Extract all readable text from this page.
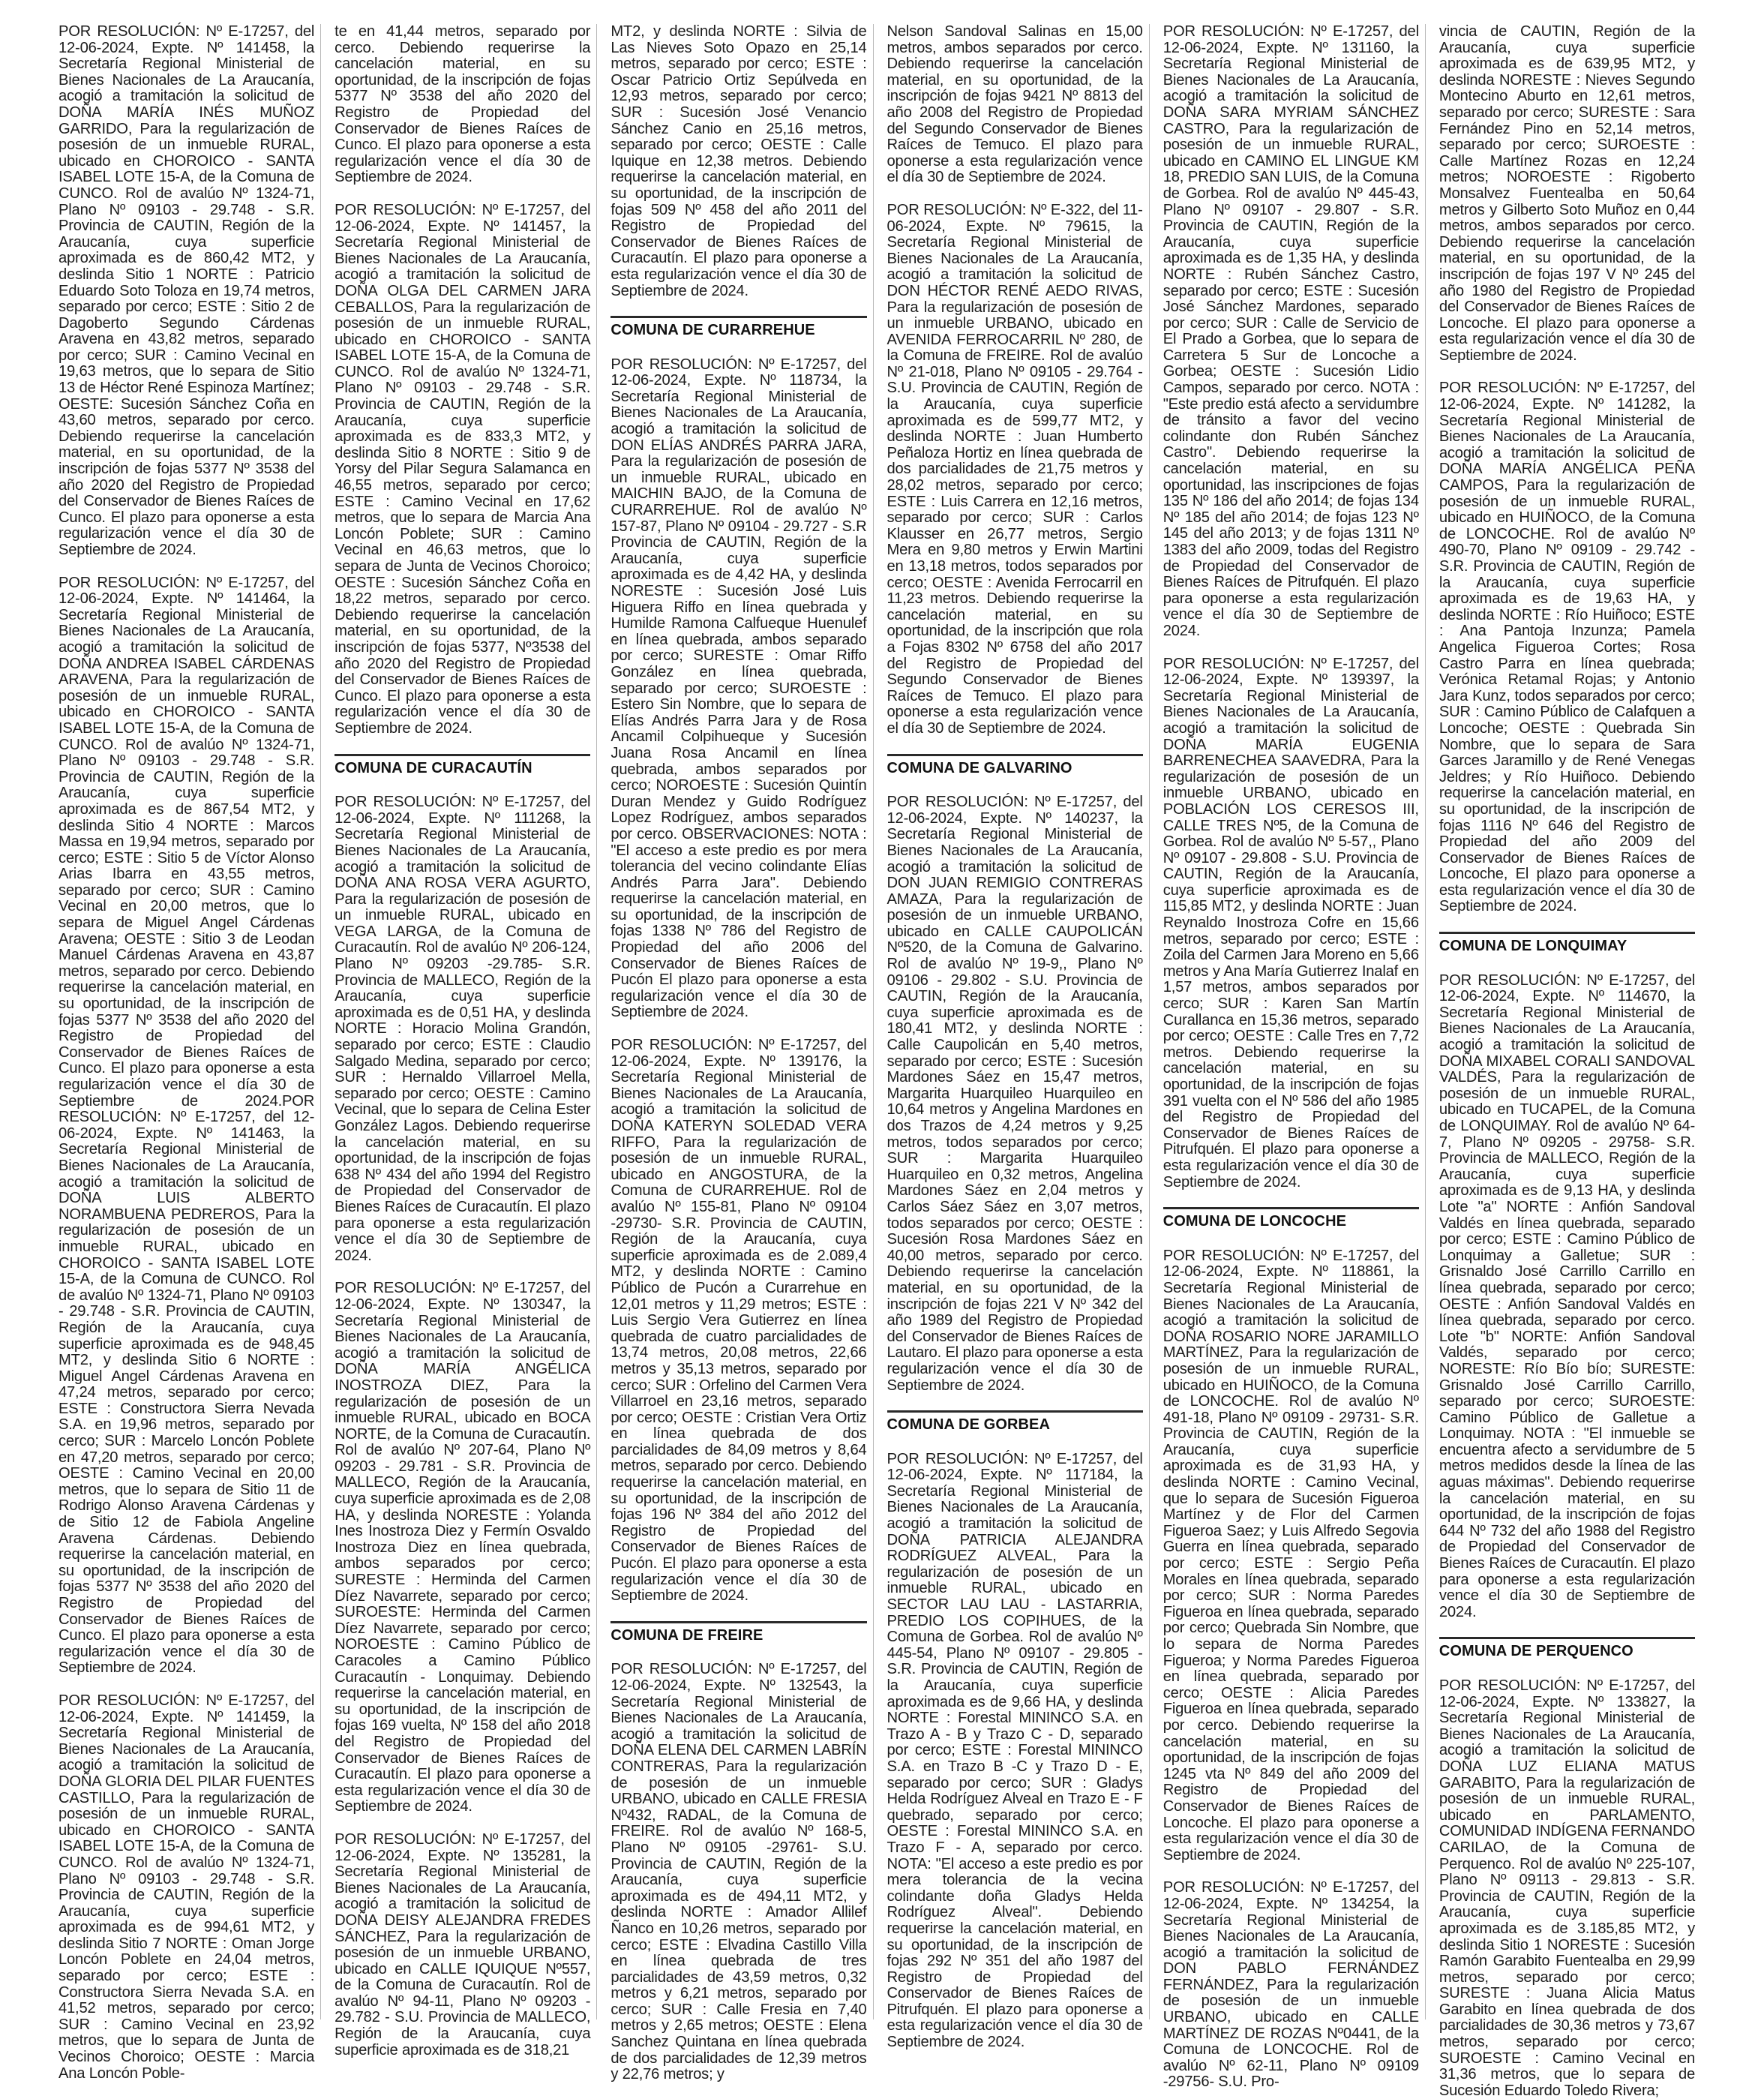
POR RESOLUCIÓN: Nº E-17257, del 12-06-2024, Expte. Nº 141458, la Secretaría Regional Ministerial de Bienes Nacionales de La Araucanía, acogió a tramitación la solicitud de DOÑA MARÍA INÉS MUÑOZ GARRIDO, Para la regularización de posesión de un inmueble RURAL, ubicado en CHOROICO - SANTA ISABEL LOTE 15-A, de la Comuna de CUNCO. Rol de avalúo Nº 1324-71, Plano Nº 09103 - 29.748 - S.R. Provincia de CAUTIN, Región de la Araucanía, cuya superficie aproximada es de 860,42 MT2, y deslinda Sitio 1 NORTE : Patricio Eduardo Soto Toloza en 19,74 metros, separado por cerco; ESTE : Sitio 2 de Dagoberto Segundo Cárdenas Aravena en 43,82 metros, separado por cerco; SUR : Camino Vecinal en 19,63 metros, que lo separa de Sitio 13 de Héctor René Espinoza Martínez; OESTE: Sucesión Sánchez Coña en 43,60 metros, separado por cerco. Debiendo requerirse la cancelación material, en su oportunidad, de la inscripción de fojas 5377 Nº 3538 del año 2020 del Registro de Propiedad del Conservador de Bienes Raíces de Cunco. El plazo para oponerse a esta regularización vence el día 30 de Septiembre de 2024.

POR RESOLUCIÓN: Nº E-17257, del 12-06-2024, Expte. Nº 141464, la Secretaría Regional Ministerial de Bienes Nacionales de La Araucanía, acogió a tramitación la solicitud de DOÑA ANDREA ISABEL CÁRDENAS ARAVENA, Para la regularización de posesión de un inmueble RURAL, ubicado en CHOROICO - SANTA ISABEL LOTE 15-A, de la Comuna de CUNCO. Rol de avalúo Nº 1324-71, Plano Nº 09103 - 29.748 - S.R. Provincia de CAUTIN, Región de la Araucanía, cuya superficie aproximada es de 867,54 MT2, y deslinda Sitio 4 NORTE : Marcos Massa en 19,94 metros, separado por cerco; ESTE : Sitio 5 de Víctor Alonso Arias Ibarra en 43,55 metros, separado por cerco; SUR : Camino Vecinal en 20,00 metros, que lo separa de Miguel Angel Cárdenas Aravena; OESTE : Sitio 3 de Leodan Manuel Cárdenas Aravena en 43,87 metros, separado por cerco. Debiendo requerirse la cancelación material, en su oportunidad, de la inscripción de fojas 5377 Nº 3538 del año 2020 del Registro de Propiedad del Conservador de Bienes Raíces de Cunco. El plazo para oponerse a esta regularización vence el día 30 de Septiembre de 2024.POR RESOLUCIÓN: Nº E-17257, del 12-06-2024, Expte. Nº 141463, la Secretaría Regional Ministerial de Bienes Nacionales de La Araucanía, acogió a tramitación la solicitud de DOÑA LUIS ALBERTO NORAMBUENA PEDREROS, Para la regularización de posesión de un inmueble RURAL, ubicado en CHOROICO - SANTA ISABEL LOTE 15-A, de la Comuna de CUNCO. Rol de avalúo Nº 1324-71, Plano Nº 09103 - 29.748 - S.R. Provincia de CAUTIN, Región de la Araucanía, cuya superficie aproximada es de 948,45 MT2, y deslinda Sitio 6 NORTE : Miguel Angel Cárdenas Aravena en 47,24 metros, separado por cerco; ESTE : Constructora Sierra Nevada S.A. en 19,96 metros, separado por cerco; SUR : Marcelo Loncón Poblete en 47,20 metros, separado por cerco; OESTE : Camino Vecinal en 20,00 metros, que lo separa de Sitio 11 de Rodrigo Alonso Aravena Cárdenas y de Sitio 12 de Fabiola Angeline Aravena Cárdenas. Debiendo requerirse la cancelación material, en su oportunidad, de la inscripción de fojas 5377 Nº 3538 del año 2020 del Registro de Propiedad del Conservador de Bienes Raíces de Cunco. El plazo para oponerse a esta regularización vence el día 30 de Septiembre de 2024.

POR RESOLUCIÓN: Nº E-17257, del 12-06-2024, Expte. Nº 141459, la Secretaría Regional Ministerial de Bienes Nacionales de La Araucanía, acogió a tramitación la solicitud de DOÑA GLORIA DEL PILAR FUENTES CASTILLO, Para la regularización de posesión de un inmueble RURAL, ubicado en CHOROICO - SANTA ISABEL LOTE 15-A, de la Comuna de CUNCO. Rol de avalúo Nº 1324-71, Plano Nº 09103 - 29.748 - S.R. Provincia de CAUTIN, Región de la Araucanía, cuya superficie aproximada es de 994,61 MT2, y deslinda Sitio 7 NORTE : Oman Jorge Loncón Poblete en 24,04 metros, separado por cerco; ESTE : Constructora Sierra Nevada S.A. en 41,52 metros, separado por cerco; SUR : Camino Vecinal en 23,92 metros, que lo separa de Junta de Vecinos Choroico; OESTE : Marcia Ana Loncón Poble-

te en 41,44 metros, separado por cerco. Debiendo requerirse la cancelación material, en su oportunidad, de la inscripción de fojas 5377 Nº 3538 del año 2020 del Registro de Propiedad del Conservador de Bienes Raíces de Cunco. El plazo para oponerse a esta regularización vence el día 30 de Septiembre de 2024.

POR RESOLUCIÓN: Nº E-17257, del 12-06-2024, Expte. Nº 141457, la Secretaría Regional Ministerial de Bienes Nacionales de La Araucanía, acogió a tramitación la solicitud de DOÑA OLGA DEL CARMEN JARA CEBALLOS, Para la regularización de posesión de un inmueble RURAL, ubicado en CHOROICO - SANTA ISABEL LOTE 15-A, de la Comuna de CUNCO. Rol de avalúo Nº 1324-71, Plano Nº 09103 - 29.748 - S.R. Provincia de CAUTIN, Región de la Araucanía, cuya superficie aproximada es de 833,3 MT2, y deslinda Sitio 8 NORTE : Sitio 9 de Yorsy del Pilar Segura Salamanca en 46,55 metros, separado por cerco; ESTE : Camino Vecinal en 17,62 metros, que lo separa de Marcia Ana Loncón Poblete; SUR : Camino Vecinal en 46,63 metros, que lo separa de Junta de Vecinos Choroico; OESTE : Sucesión Sánchez Coña en 18,22 metros, separado por cerco. Debiendo requerirse la cancelación material, en su oportunidad, de la inscripción de fojas 5377, Nº3538 del año 2020 del Registro de Propiedad del Conservador de Bienes Raíces de Cunco. El plazo para oponerse a esta regularización vence el día 30 de Septiembre de 2024.

COMUNA DE CURACAUTÍN

POR RESOLUCIÓN: Nº E-17257, del 12-06-2024, Expte. Nº 111268, la Secretaría Regional Ministerial de Bienes Nacionales de La Araucanía, acogió a tramitación la solicitud de DOÑA ANA ROSA VERA AGURTO, Para la regularización de posesión de un inmueble RURAL, ubicado en VEGA LARGA, de la Comuna de Curacautín. Rol de avalúo Nº 206-124, Plano Nº 09203 -29.785- S.R. Provincia de MALLECO, Región de la Araucanía, cuya superficie aproximada es de 0,51 HA, y deslinda NORTE : Horacio Molina Grandón, separado por cerco; ESTE : Claudio Salgado Medina, separado por cerco; SUR : Hernaldo Villarroel Mella, separado por cerco; OESTE : Camino Vecinal, que lo separa de Celina Ester González Lagos. Debiendo requerirse la cancelación material, en su oportunidad, de la inscripción de fojas 638 Nº 434 del año 1994 del Registro de Propiedad del Conservador de Bienes Raíces de Curacautín. El plazo para oponerse a esta regularización vence el día 30 de Septiembre de 2024.

POR RESOLUCIÓN: Nº E-17257, del 12-06-2024, Expte. Nº 130347, la Secretaría Regional Ministerial de Bienes Nacionales de La Araucanía, acogió a tramitación la solicitud de DOÑA MARÍA ANGÉLICA INOSTROZA DIEZ, Para la regularización de posesión de un inmueble RURAL, ubicado en BOCA NORTE, de la Comuna de Curacautín. Rol de avalúo Nº 207-64, Plano Nº 09203 - 29.781 - S.R. Provincia de MALLECO, Región de la Araucanía, cuya superficie aproximada es de 2,08 HA, y deslinda NORESTE : Yolanda Ines Inostroza Diez y Fermín Osvaldo Inostroza Diez en línea quebrada, ambos separados por cerco; SURESTE : Herminda del Carmen Díez Navarrete, separado por cerco; SUROESTE: Herminda del Carmen Díez Navarrete, separado por cerco; NOROESTE : Camino Público de Caracoles a Camino Público Curacautín - Lonquimay. Debiendo requerirse la cancelación material, en su oportunidad, de la inscripción de fojas 169 vuelta, Nº 158 del año 2018 del Registro de Propiedad del Conservador de Bienes Raíces de Curacautín. El plazo para oponerse a esta regularización vence el día 30 de Septiembre de 2024.

POR RESOLUCIÓN: Nº E-17257, del 12-06-2024, Expte. Nº 135281, la Secretaría Regional Ministerial de Bienes Nacionales de La Araucanía, acogió a tramitación la solicitud de DOÑA DEISY ALEJANDRA FREDES SÁNCHEZ, Para la regularización de posesión de un inmueble URBANO, ubicado en CALLE IQUIQUE Nº557, de la Comuna de Curacautín. Rol de avalúo Nº 94-11, Plano Nº 09203 - 29.782 - S.U. Provincia de MALLECO, Región de la Araucanía, cuya superficie aproximada es de 318,21

MT2, y deslinda NORTE : Silvia de Las Nieves Soto Opazo en 25,14 metros, separado por cerco; ESTE : Oscar Patricio Ortiz Sepúlveda en 12,93 metros, separado por cerco; SUR : Sucesión José Venancio Sánchez Canio en 25,16 metros, separado por cerco; OESTE : Calle Iquique en 12,38 metros. Debiendo requerirse la cancelación material, en su oportunidad, de la inscripción de fojas 509 Nº 458 del año 2011 del Registro de Propiedad del Conservador de Bienes Raíces de Curacautín. El plazo para oponerse a esta regularización vence el día 30 de Septiembre de 2024.

COMUNA DE CURARREHUE

POR RESOLUCIÓN: Nº E-17257, del 12-06-2024, Expte. Nº 118734, la Secretaría Regional Ministerial de Bienes Nacionales de La Araucanía, acogió a tramitación la solicitud de DON ELÍAS ANDRÉS PARRA JARA, Para la regularización de posesión de un inmueble RURAL, ubicado en MAICHIN BAJO, de la Comuna de CURARREHUE. Rol de avalúo Nº 157-87, Plano Nº 09104 - 29.727 - S.R Provincia de CAUTIN, Región de la Araucanía, cuya superficie aproximada es de 4,42 HA, y deslinda NORESTE : Sucesión José Luis Higuera Riffo en línea quebrada y Humilde Ramona Calfueque Huenulef en línea quebrada, ambos separado por cerco; SURESTE : Omar Riffo González en línea quebrada, separado por cerco; SUROESTE : Estero Sin Nombre, que lo separa de Elías Andrés Parra Jara y de Rosa Ancamil Colpihueque y Sucesión Juana Rosa Ancamil en línea quebrada, ambos separados por cerco; NOROESTE : Sucesión Quintín Duran Mendez y Guido Rodríguez Lopez Rodríguez, ambos separados por cerco. OBSERVACIONES: NOTA : "El acceso a este predio es por mera tolerancia del vecino colindante Elías Andrés Parra Jara". Debiendo requerirse la cancelación material, en su oportunidad, de la inscripción de fojas 1338 Nº 786 del Registro de Propiedad del año 2006 del Conservador de Bienes Raíces de Pucón El plazo para oponerse a esta regularización vence el día 30 de Septiembre de 2024.

POR RESOLUCIÓN: Nº E-17257, del 12-06-2024, Expte. Nº 139176, la Secretaría Regional Ministerial de Bienes Nacionales de La Araucanía, acogió a tramitación la solicitud de DOÑA KATERYN SOLEDAD VERA RIFFO, Para la regularización de posesión de un inmueble RURAL, ubicado en ANGOSTURA, de la Comuna de CURARREHUE. Rol de avalúo Nº 155-81, Plano Nº 09104 -29730- S.R. Provincia de CAUTIN, Región de la Araucanía, cuya superficie aproximada es de 2.089,4 MT2, y deslinda NORTE : Camino Público de Pucón a Curarrehue en 12,01 metros y 11,29 metros; ESTE : Luis Sergio Vera Gutierrez en línea quebrada de cuatro parcialidades de 13,74 metros, 20,08 metros, 22,66 metros y 35,13 metros, separado por cerco; SUR : Orfelino del Carmen Vera Villarroel en 23,16 metros, separado por cerco; OESTE : Cristian Vera Ortiz en línea quebrada de dos parcialidades de 84,09 metros y 8,64 metros, separado por cerco. Debiendo requerirse la cancelación material, en su oportunidad, de la inscripción de fojas 196 Nº 384 del año 2012 del Registro de Propiedad del Conservador de Bienes Raíces de Pucón. El plazo para oponerse a esta regularización vence el día 30 de Septiembre de 2024.

COMUNA DE FREIRE

POR RESOLUCIÓN: Nº E-17257, del 12-06-2024, Expte. Nº 132543, la Secretaría Regional Ministerial de Bienes Nacionales de La Araucanía, acogió a tramitación la solicitud de DOÑA ELENA DEL CARMEN LABRÍN CONTRERAS, Para la regularización de posesión de un inmueble URBANO, ubicado en CALLE FRESIA Nº432, RADAL, de la Comuna de FREIRE. Rol de avalúo Nº 168-5, Plano Nº 09105 -29761- S.U. Provincia de CAUTIN, Región de la Araucanía, cuya superficie aproximada es de 494,11 MT2, y deslinda NORTE : Amador Allilef Ñanco en 10,26 metros, separado por cerco; ESTE : Elvadina Castillo Villa en línea quebrada de tres parcialidades de 43,59 metros, 0,32 metros y 6,21 metros, separado por cerco; SUR : Calle Fresia en 7,40 metros y 2,65 metros; OESTE : Elena Sanchez Quintana en línea quebrada de dos parcialidades de 12,39 metros y 22,76 metros; y

Nelson Sandoval Salinas en 15,00 metros, ambos separados por cerco. Debiendo requerirse la cancelación material, en su oportunidad, de la inscripción de fojas 9421 Nº 8813 del año 2008 del Registro de Propiedad del Segundo Conservador de Bienes Raíces de Temuco. El plazo para oponerse a esta regularización vence el día 30 de Septiembre de 2024.

POR RESOLUCIÓN: Nº E-322, del 11-06-2024, Expte. Nº 79615, la Secretaría Regional Ministerial de Bienes Nacionales de La Araucanía, acogió a tramitación la solicitud de DON HÉCTOR RENÉ AEDO RIVAS, Para la regularización de posesión de un inmueble URBANO, ubicado en AVENIDA FERROCARRIL Nº 280, de la Comuna de FREIRE. Rol de avalúo Nº 21-018, Plano Nº 09105 - 29.764 - S.U. Provincia de CAUTIN, Región de la Araucanía, cuya superficie aproximada es de 599,77 MT2, y deslinda NORTE : Juan Humberto Peñaloza Hortiz en línea quebrada de dos parcialidades de 21,75 metros y 28,02 metros, separado por cerco; ESTE : Luis Carrera en 12,16 metros, separado por cerco; SUR : Carlos Klausser en 26,77 metros, Sergio Mera en 9,80 metros y Erwin Martini en 13,18 metros, todos separados por cerco; OESTE : Avenida Ferrocarril en 11,23 metros. Debiendo requerirse la cancelación material, en su oportunidad, de la inscripción que rola a Fojas 8302 Nº 6758 del año 2017 del Registro de Propiedad del Segundo Conservador de Bienes Raíces de Temuco. El plazo para oponerse a esta regularización vence el día 30 de Septiembre de 2024.

COMUNA DE GALVARINO

POR RESOLUCIÓN: Nº E-17257, del 12-06-2024, Expte. Nº 140237, la Secretaría Regional Ministerial de Bienes Nacionales de La Araucanía, acogió a tramitación la solicitud de DON JUAN REMIGIO CONTRERAS AMAZA, Para la regularización de posesión de un inmueble URBANO, ubicado en CALLE CAUPOLICÁN Nº520, de la Comuna de Galvarino. Rol de avalúo Nº 19-9,, Plano Nº 09106 - 29.802 - S.U. Provincia de CAUTIN, Región de la Araucanía, cuya superficie aproximada es de 180,41 MT2, y deslinda NORTE : Calle Caupolicán en 5,40 metros, separado por cerco; ESTE : Sucesión Mardones Sáez en 15,47 metros, Margarita Huarquileo Huarquileo en 10,64 metros y Angelina Mardones en dos Trazos de 4,24 metros y 9,25 metros, todos separados por cerco; SUR : Margarita Huarquileo Huarquileo en 0,32 metros, Angelina Mardones Sáez en 2,04 metros y Carlos Sáez Sáez en 3,07 metros, todos separados por cerco; OESTE : Sucesión Rosa Mardones Sáez en 40,00 metros, separado por cerco. Debiendo requerirse la cancelación material, en su oportunidad, de la inscripción de fojas 221 V Nº 342 del año 1989 del Registro de Propiedad del Conservador de Bienes Raíces de Lautaro. El plazo para oponerse a esta regularización vence el día 30 de Septiembre de 2024.

COMUNA DE GORBEA

POR RESOLUCIÓN: Nº E-17257, del 12-06-2024, Expte. Nº 117184, la Secretaría Regional Ministerial de Bienes Nacionales de La Araucanía, acogió a tramitación la solicitud de DOÑA PATRICIA ALEJANDRA RODRÍGUEZ ALVEAL, Para la regularización de posesión de un inmueble RURAL, ubicado en SECTOR LAU LAU - LASTARRIA, PREDIO LOS COPIHUES, de la Comuna de Gorbea. Rol de avalúo Nº 445-54, Plano Nº 09107 - 29.805 - S.R. Provincia de CAUTIN, Región de la Araucanía, cuya superficie aproximada es de 9,66 HA, y deslinda NORTE : Forestal MININCO S.A. en Trazo A - B y Trazo C - D, separado por cerco; ESTE : Forestal MININCO S.A. en Trazo B -C y Trazo D - E, separado por cerco; SUR : Gladys Helda Rodríguez Alveal en Trazo E - F quebrado, separado por cerco; OESTE : Forestal MININCO S.A. en Trazo F - A, separado por cerco. NOTA: "El acceso a este predio es por mera tolerancia de la vecina colindante doña Gladys Helda Rodríguez Alveal". Debiendo requerirse la cancelación material, en su oportunidad, de la inscripción de fojas 292 Nº 351 del año 1987 del Registro de Propiedad del Conservador de Bienes Raíces de Pitrufquén. El plazo para oponerse a esta regularización vence el día 30 de Septiembre de 2024.

POR RESOLUCIÓN: Nº E-17257, del 12-06-2024, Expte. Nº 131160, la Secretaría Regional Ministerial de Bienes Nacionales de La Araucanía, acogió a tramitación la solicitud de DOÑA SARA MYRIAM SÁNCHEZ CASTRO, Para la regularización de posesión de un inmueble RURAL, ubicado en CAMINO EL LINGUE KM 18, PREDIO SAN LUIS, de la Comuna de Gorbea. Rol de avalúo Nº 445-43, Plano Nº 09107 - 29.807 - S.R. Provincia de CAUTIN, Región de la Araucanía, cuya superficie aproximada es de 1,35 HA, y deslinda NORTE : Rubén Sánchez Castro, separado por cerco; ESTE : Sucesión José Sánchez Mardones, separado por cerco; SUR : Calle de Servicio de El Prado a Gorbea, que lo separa de Carretera 5 Sur de Loncoche a Gorbea; OESTE : Sucesión Lidio Campos, separado por cerco. NOTA : "Este predio está afecto a servidumbre de tránsito a favor del vecino colindante don Rubén Sánchez Castro". Debiendo requerirse la cancelación material, en su oportunidad, las inscripciones de fojas 135 Nº 186 del año 2014; de fojas 134 Nº 185 del año 2014; de fojas 123 Nº 145 del año 2013; y de fojas 1311 Nº 1383 del año 2009, todas del Registro de Propiedad del Conservador de Bienes Raíces de Pitrufquén. El plazo para oponerse a esta regularización vence el día 30 de Septiembre de 2024.

POR RESOLUCIÓN: Nº E-17257, del 12-06-2024, Expte. Nº 139397, la Secretaría Regional Ministerial de Bienes Nacionales de La Araucanía, acogió a tramitación la solicitud de DOÑA MARÍA EUGENIA BARRENECHEA SAAVEDRA, Para la regularización de posesión de un inmueble URBANO, ubicado en POBLACIÓN LOS CERESOS III, CALLE TRES Nº5, de la Comuna de Gorbea. Rol de avalúo Nº 5-57,, Plano Nº 09107 - 29.808 - S.U. Provincia de CAUTIN, Región de la Araucanía, cuya superficie aproximada es de 115,85 MT2, y deslinda NORTE : Juan Reynaldo Inostroza Cofre en 15,66 metros, separado por cerco; ESTE : Zoila del Carmen Jara Moreno en 5,66 metros y Ana María Gutierrez Inalaf en 1,57 metros, ambos separados por cerco; SUR : Karen San Martín Curallanca en 15,36 metros, separado por cerco; OESTE : Calle Tres en 7,72 metros. Debiendo requerirse la cancelación material, en su oportunidad, de la inscripción de fojas 391 vuelta con el Nº 586 del año 1985 del Registro de Propiedad del Conservador de Bienes Raíces de Pitrufquén. El plazo para oponerse a esta regularización vence el día 30 de Septiembre de 2024.

COMUNA DE LONCOCHE

POR RESOLUCIÓN: Nº E-17257, del 12-06-2024, Expte. Nº 118861, la Secretaría Regional Ministerial de Bienes Nacionales de La Araucanía, acogió a tramitación la solicitud de DOÑA ROSARIO NORE JARAMILLO MARTÍNEZ, Para la regularización de posesión de un inmueble RURAL, ubicado en HUIÑOCO, de la Comuna de LONCOCHE. Rol de avalúo Nº 491-18, Plano Nº 09109 - 29731- S.R. Provincia de CAUTIN, Región de la Araucanía, cuya superficie aproximada es de 31,93 HA, y deslinda NORTE : Camino Vecinal, que lo separa de Sucesión Figueroa Martínez y de Flor del Carmen Figueroa Saez; y Luis Alfredo Segovia Guerra en línea quebrada, separado por cerco; ESTE : Sergio Peña Morales en línea quebrada, separado por cerco; SUR : Norma Paredes Figueroa en línea quebrada, separado por cerco; Quebrada Sin Nombre, que lo separa de Norma Paredes Figueroa; y Norma Paredes Figueroa en línea quebrada, separado por cerco; OESTE : Alicia Paredes Figueroa en línea quebrada, separado por cerco. Debiendo requerirse la cancelación material, en su oportunidad, de la inscripción de fojas 1245 vta Nº 849 del año 2009 del Registro de Propiedad del Conservador de Bienes Raíces de Loncoche. El plazo para oponerse a esta regularización vence el día 30 de Septiembre de 2024.

POR RESOLUCIÓN: Nº E-17257, del 12-06-2024, Expte. Nº 134254, la Secretaría Regional Ministerial de Bienes Nacionales de La Araucanía, acogió a tramitación la solicitud de DON PABLO FERNÁNDEZ FERNÁNDEZ, Para la regularización de posesión de un inmueble URBANO, ubicado en CALLE MARTÍNEZ DE ROZAS Nº0441, de la Comuna de LONCOCHE. Rol de avalúo Nº 62-11, Plano Nº 09109 -29756- S.U. Pro-

vincia de CAUTIN, Región de la Araucanía, cuya superficie aproximada es de 639,95 MT2, y deslinda NORESTE : Nieves Segundo Montecino Aburto en 12,61 metros, separado por cerco; SURESTE : Sara Fernández Pino en 52,14 metros, separado por cerco; SUROESTE : Calle Martínez Rozas en 12,24 metros; NOROESTE : Rigoberto Monsalvez Fuentealba en 50,64 metros y Gilberto Soto Muñoz en 0,44 metros, ambos separados por cerco. Debiendo requerirse la cancelación material, en su oportunidad, de la inscripción de fojas 197 V Nº 245 del año 1980 del Registro de Propiedad del Conservador de Bienes Raíces de Loncoche. El plazo para oponerse a esta regularización vence el día 30 de Septiembre de 2024.

POR RESOLUCIÓN: Nº E-17257, del 12-06-2024, Expte. Nº 141282, la Secretaría Regional Ministerial de Bienes Nacionales de La Araucanía, acogió a tramitación la solicitud de DOÑA MARÍA ANGÉLICA PEÑA CAMPOS, Para la regularización de posesión de un inmueble RURAL, ubicado en HUIÑOCO, de la Comuna de LONCOCHE. Rol de avalúo Nº 490-70, Plano Nº 09109 - 29.742 - S.R. Provincia de CAUTIN, Región de la Araucanía, cuya superficie aproximada es de 19,63 HA, y deslinda NORTE : Río Huiñoco; ESTE : Ana Pantoja Inzunza; Pamela Angelica Figueroa Cortes; Rosa Castro Parra en línea quebrada; Verónica Retamal Rojas; y Antonio Jara Kunz, todos separados por cerco; SUR : Camino Público de Calafquen a Loncoche; OESTE : Quebrada Sin Nombre, que lo separa de Sara Garces Jaramillo y de René Venegas Jeldres; y Río Huiñoco. Debiendo requerirse la cancelación material, en su oportunidad, de la inscripción de fojas 1116 Nº 646 del Registro de Propiedad del año 2009 del Conservador de Bienes Raíces de Loncoche, El plazo para oponerse a esta regularización vence el día 30 de Septiembre de 2024.

COMUNA DE LONQUIMAY

POR RESOLUCIÓN: Nº E-17257, del 12-06-2024, Expte. Nº 114670, la Secretaría Regional Ministerial de Bienes Nacionales de La Araucanía, acogió a tramitación la solicitud de DOÑA MIXABEL CORALI SANDOVAL VALDÉS, Para la regularización de posesión de un inmueble RURAL, ubicado en TUCAPEL, de la Comuna de LONQUIMAY. Rol de avalúo Nº 64-7, Plano Nº 09205 - 29758- S.R. Provincia de MALLECO, Región de la Araucanía, cuya superficie aproximada es de 9,13 HA, y deslinda Lote "a" NORTE : Anfión Sandoval Valdés en línea quebrada, separado por cerco; ESTE : Camino Público de Lonquimay a Galletue; SUR : Grisnaldo José Carrillo Carrillo en línea quebrada, separado por cerco; OESTE : Anfión Sandoval Valdés en línea quebrada, separado por cerco. Lote "b" NORTE: Anfión Sandoval Valdés, separado por cerco; NORESTE: Río Bío bío; SURESTE: Grisnaldo José Carrillo Carrillo, separado por cerco; SUROESTE: Camino Público de Galletue a Lonquimay. NOTA : "El inmueble se encuentra afecto a servidumbre de 5 metros medidos desde la línea de las aguas máximas". Debiendo requerirse la cancelación material, en su oportunidad, de la inscripción de fojas 644 Nº 732 del año 1988 del Registro de Propiedad del Conservador de Bienes Raíces de Curacautín. El plazo para oponerse a esta regularización vence el día 30 de Septiembre de 2024.

COMUNA DE PERQUENCO

POR RESOLUCIÓN: Nº E-17257, del 12-06-2024, Expte. Nº 133827, la Secretaría Regional Ministerial de Bienes Nacionales de La Araucanía, acogió a tramitación la solicitud de DOÑA LUZ ELIANA MATUS GARABITO, Para la regularización de posesión de un inmueble RURAL, ubicado en PARLAMENTO, COMUNIDAD INDÍGENA FERNANDO CARILAO, de la Comuna de Perquenco. Rol de avalúo Nº 225-107, Plano Nº 09113 - 29.813 - S.R. Provincia de CAUTIN, Región de la Araucanía, cuya superficie aproximada es de 3.185,85 MT2, y deslinda Sitio 1 NORESTE : Sucesión Ramón Garabito Fuentealba en 29,99 metros, separado por cerco; SURESTE : Juana Alicia Matus Garabito en línea quebrada de dos parcialidades de 30,36 metros y 73,67 metros, separado por cerco; SUROESTE : Camino Vecinal en 31,36 metros, que lo separa de Sucesión Eduardo Toledo Rivera;
